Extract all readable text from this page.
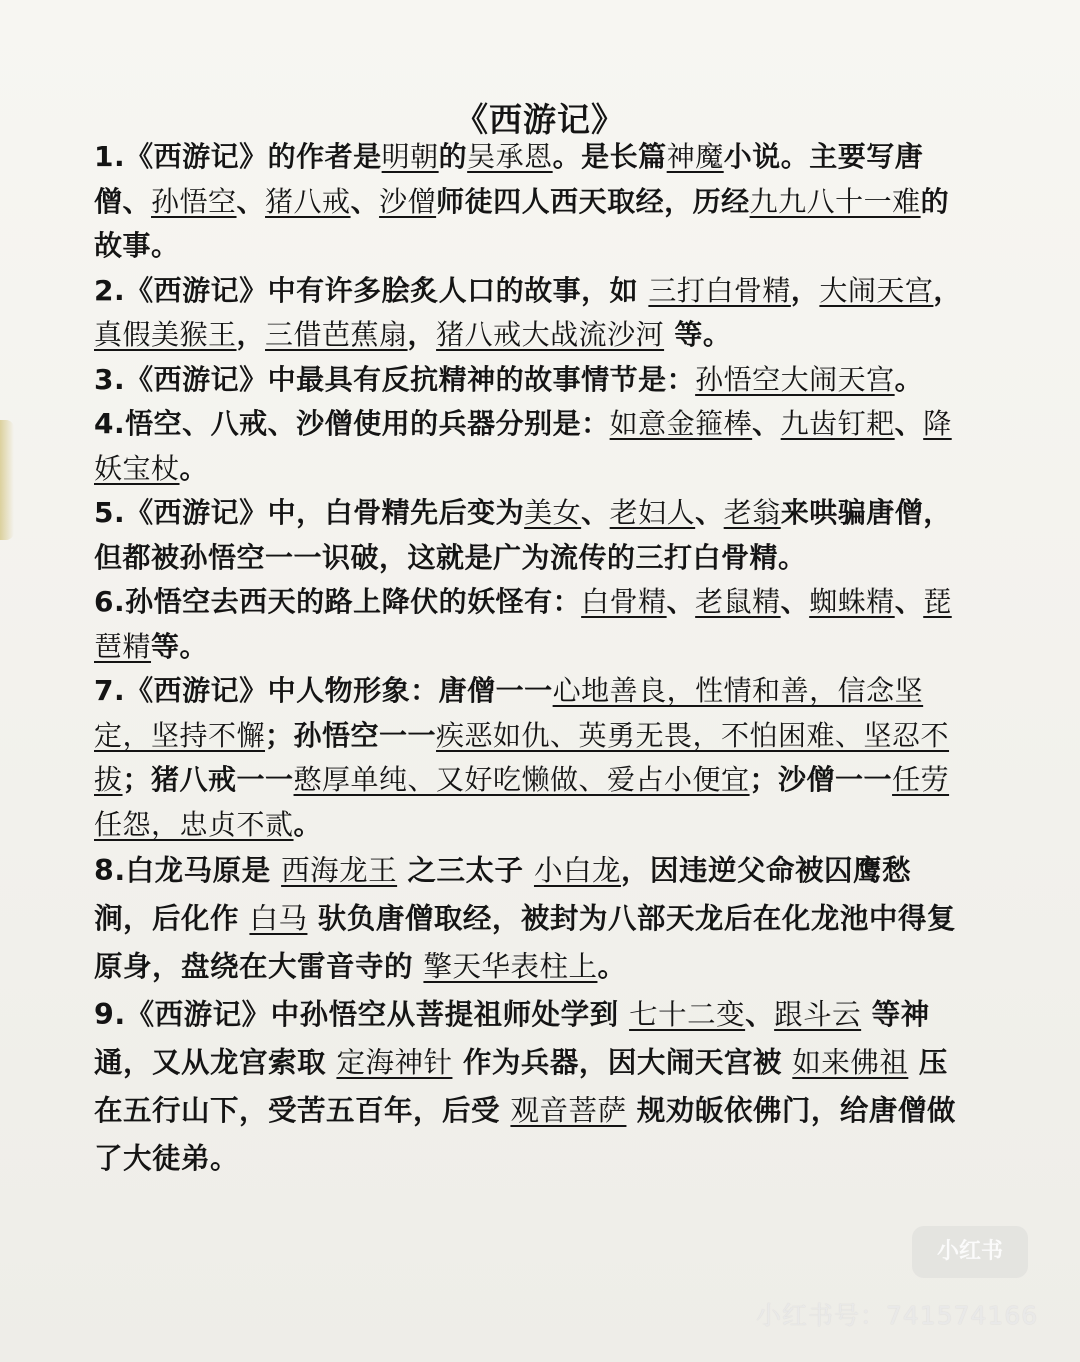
《西游记》

1.《西游记》的作者是明朝的吴承恩。是长篇神魔小说。主要写唐僧、孙悟空、猪八戒、沙僧师徒四人西天取经，历经九九八十一难的故事。

2.《西游记》中有许多脍炙人口的故事，如 三打白骨精，大闹天宫，真假美猴王，三借芭蕉扇，猪八戒大战流沙河 等。

3.《西游记》中最具有反抗精神的故事情节是：孙悟空大闹天宫。

4.悟空、八戒、沙僧使用的兵器分别是：如意金箍棒、九齿钉耙、降妖宝杖。

5.《西游记》中，白骨精先后变为美女、老妇人、老翁来哄骗唐僧，但都被孙悟空一一识破，这就是广为流传的三打白骨精。

6.孙悟空去西天的路上降伏的妖怪有：白骨精、老鼠精、蜘蛛精、琵琶精等。

7.《西游记》中人物形象：唐僧一一心地善良，性情和善，信念坚定，坚持不懈；孙悟空一一疾恶如仇、英勇无畏，不怕困难、坚忍不拔；猪八戒一一憨厚单纯、又好吃懒做、爱占小便宜；沙僧一一任劳任怨，忠贞不贰。

8.白龙马原是 西海龙王 之三太子 小白龙，因违逆父命被囚鹰愁涧，后化作 白马 驮负唐僧取经，被封为八部天龙后在化龙池中得复原身，盘绕在大雷音寺的 擎天华表柱上。

9.《西游记》中孙悟空从菩提祖师处学到 七十二变、跟斗云 等神通，又从龙宫索取 定海神针 作为兵器，因大闹天宫被 如来佛祖 压在五行山下，受苦五百年，后受 观音菩萨 规劝皈依佛门，给唐僧做了大徒弟。

小红书
小红书号：741574166
